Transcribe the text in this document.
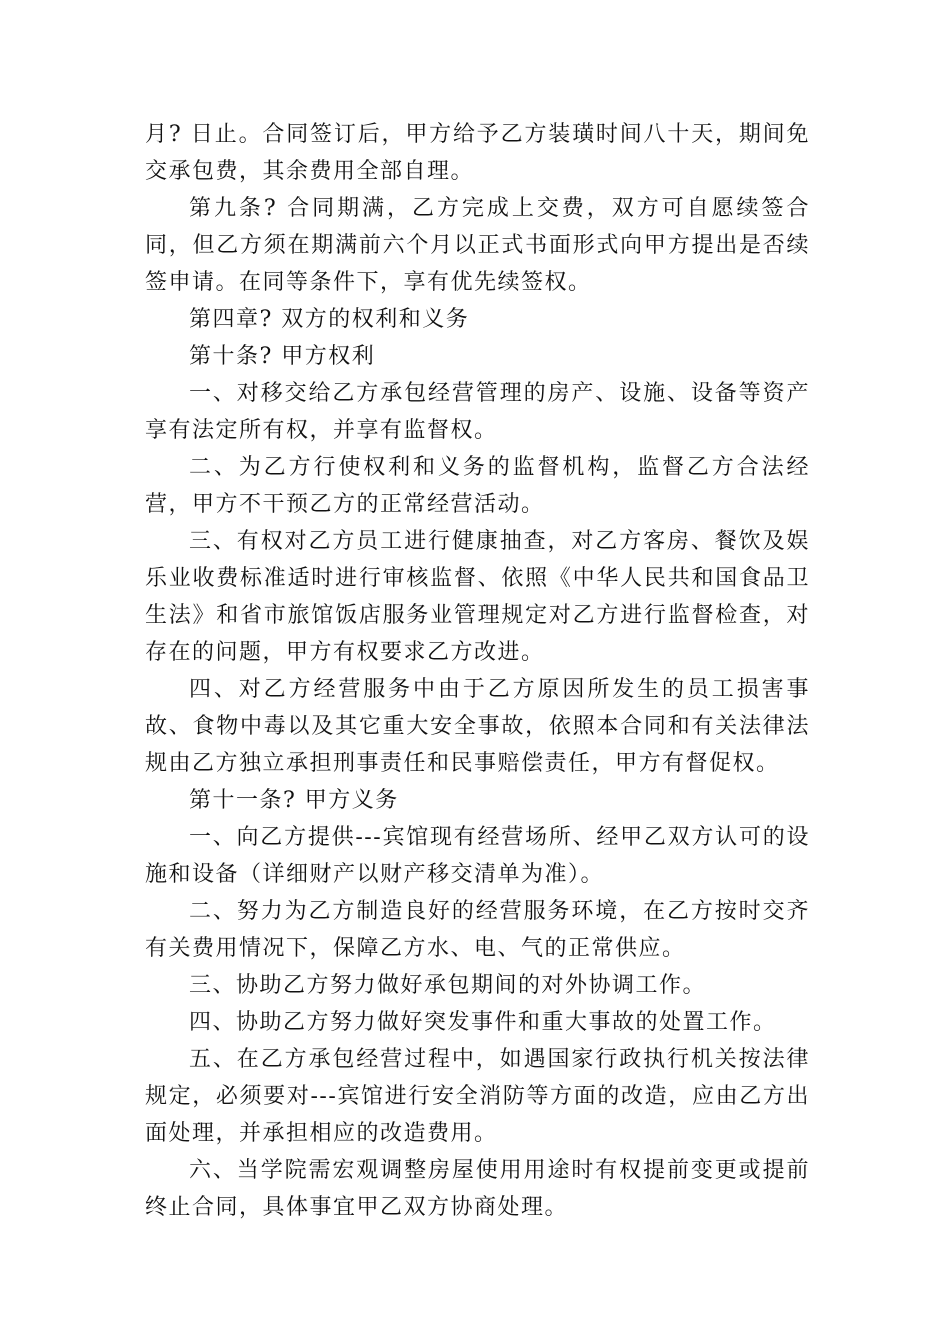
月? 日止。合同签订后，甲方给予乙方装璜时间八十天，期间免交承包费，其余费用全部自理。

第九条? 合同期满，乙方完成上交费，双方可自愿续签合同，但乙方须在期满前六个月以正式书面形式向甲方提出是否续签申请。在同等条件下，享有优先续签权。

第四章? 双方的权利和义务

第十条? 甲方权利

一、对移交给乙方承包经营管理的房产、设施、设备等资产享有法定所有权，并享有监督权。

二、为乙方行使权利和义务的监督机构，监督乙方合法经营，甲方不干预乙方的正常经营活动。

三、有权对乙方员工进行健康抽查，对乙方客房、餐饮及娱乐业收费标准适时进行审核监督、依照《中华人民共和国食品卫生法》和省市旅馆饭店服务业管理规定对乙方进行监督检查，对存在的问题，甲方有权要求乙方改进。

四、对乙方经营服务中由于乙方原因所发生的员工损害事故、食物中毒以及其它重大安全事故，依照本合同和有关法律法规由乙方独立承担刑事责任和民事赔偿责任，甲方有督促权。

第十一条? 甲方义务

一、向乙方提供---宾馆现有经营场所、经甲乙双方认可的设施和设备（详细财产以财产移交清单为准）。

二、努力为乙方制造良好的经营服务环境，在乙方按时交齐有关费用情况下，保障乙方水、电、气的正常供应。

三、协助乙方努力做好承包期间的对外协调工作。

四、协助乙方努力做好突发事件和重大事故的处置工作。

五、在乙方承包经营过程中，如遇国家行政执行机关按法律规定，必须要对---宾馆进行安全消防等方面的改造，应由乙方出面处理，并承担相应的改造费用。

六、当学院需宏观调整房屋使用用途时有权提前变更或提前终止合同，具体事宜甲乙双方协商处理。
